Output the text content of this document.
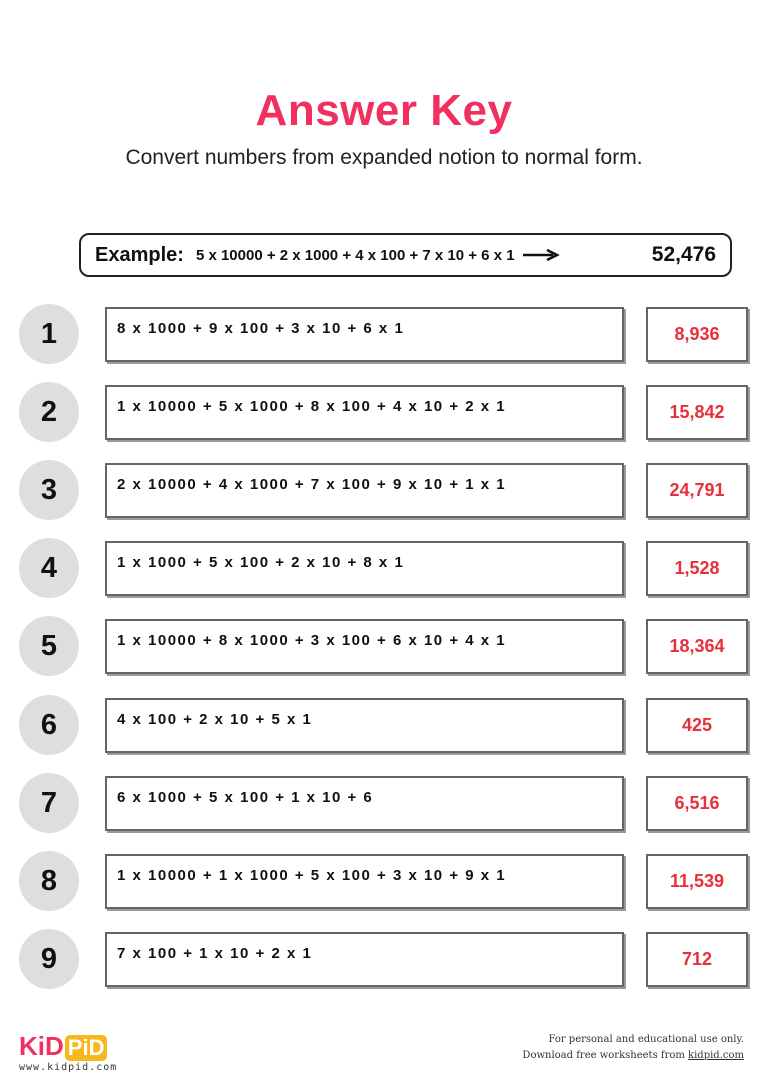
Answer Key
Convert numbers from expanded notion to normal form.
Example: 5 x 10000 + 2 x 1000 + 4 x 100 + 7 x 10 + 6 x 1	52,476
1	8 x 1000 + 9 x 100 + 3 x 10 + 6 x 1	8,936
2	1 x 10000 + 5 x 1000 + 8 x 100 + 4 x 10 + 2 x 1	15,842
3	2 x 10000 + 4 x 1000 + 7 x 100 + 9 x 10 + 1 x 1	24,791
4	1 x 1000 + 5 x 100 + 2 x 10 + 8 x 1	1,528
5	1 x 10000 + 8 x 1000 + 3 x 100 + 6 x 10 + 4 x 1	18,364
6	4 x 100 + 2 x 10 + 5 x 1	425
7	6 x 1000 + 5 x 100 + 1 x 10 + 6	6,516
8	1 x 10000 + 1 x 1000 + 5 x 100 + 3 x 10 + 9 x 1	11,539
9	7 x 100 + 1 x 10 + 2 x 1	712
KiD PiD
www.kidpid.com
For personal and educational use only.
Download free worksheets from kidpid.com
